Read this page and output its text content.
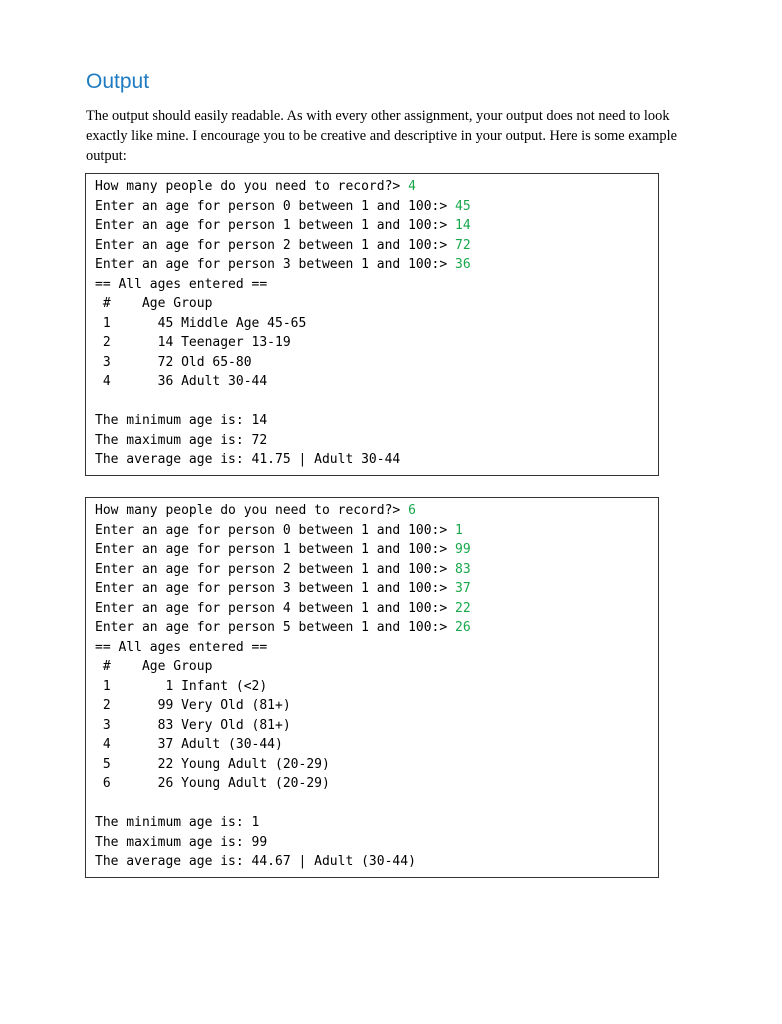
Output

The output should easily readable. As with every other assignment, your output does not need to look exactly like mine. I encourage you to be creative and descriptive in your output. Here is some example output:

How many people do you need to record?> 4
Enter an age for person 0 between 1 and 100:> 45
Enter an age for person 1 between 1 and 100:> 14
Enter an age for person 2 between 1 and 100:> 72
Enter an age for person 3 between 1 and 100:> 36
== All ages entered ==
#    Age Group
1      45 Middle Age 45-65
2      14 Teenager 13-19
3      72 Old 65-80
4      36 Adult 30-44
The minimum age is: 14
The maximum age is: 72
The average age is: 41.75 | Adult 30-44
How many people do you need to record?> 6
Enter an age for person 0 between 1 and 100:> 1
Enter an age for person 1 between 1 and 100:> 99
Enter an age for person 2 between 1 and 100:> 83
Enter an age for person 3 between 1 and 100:> 37
Enter an age for person 4 between 1 and 100:> 22
Enter an age for person 5 between 1 and 100:> 26
== All ages entered ==
#    Age Group
1       1 Infant (<2)
2      99 Very Old (81+)
3      83 Very Old (81+)
4      37 Adult (30-44)
5      22 Young Adult (20-29)
6      26 Young Adult (20-29)
The minimum age is: 1
The maximum age is: 99
The average age is: 44.67 | Adult (30-44)
